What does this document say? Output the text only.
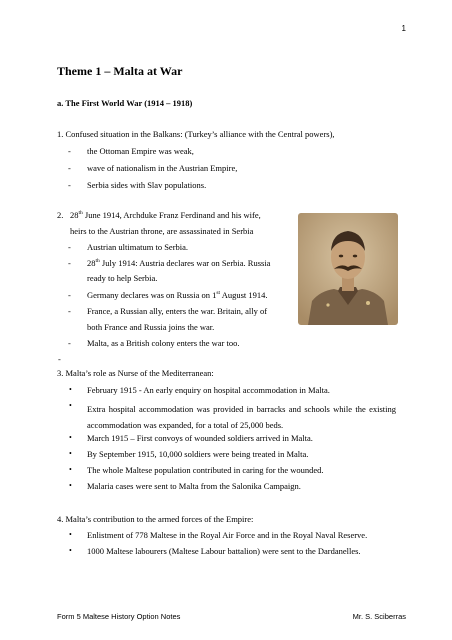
1
Theme 1 – Malta at War
a. The First World War (1914 – 1918)
1. Confused situation in the Balkans: (Turkey’s alliance with the Central powers),
- the Ottoman Empire was weak,
- wave of nationalism in the Austrian Empire,
- Serbia sides with Slav populations.
2. 28th June 1914, Archduke Franz Ferdinand and his wife,
heirs to the Austrian throne, are assassinated in Serbia
- Austrian ultimatum to Serbia.
- 28th July 1914: Austria declares war on Serbia. Russia
ready to help Serbia.
- Germany declares was on Russia on 1st August 1914.
- France, a Russian ally, enters the war. Britain, ally of
both France and Russia joins the war.
- Malta, as a British colony enters the war too.
-
3. Malta’s role as Nurse of the Mediterranean:
• February 1915 - An early enquiry on hospital accommodation in Malta.
• Extra hospital accommodation was provided in barracks and schools while the existing accommodation was expanded, for a total of 25,000 beds.
• March 1915 – First convoys of wounded soldiers arrived in Malta.
• By September 1915, 10,000 soldiers were being treated in Malta.
• The whole Maltese population contributed in caring for the wounded.
• Malaria cases were sent to Malta from the Salonika Campaign.
4. Malta’s contribution to the armed forces of the Empire:
• Enlistment of 778 Maltese in the Royal Air Force and in the Royal Naval Reserve.
• 1000 Maltese labourers (Maltese Labour battalion) were sent to the Dardanelles.
Form 5 Maltese History Option Notes	Mr. S. Sciberras
